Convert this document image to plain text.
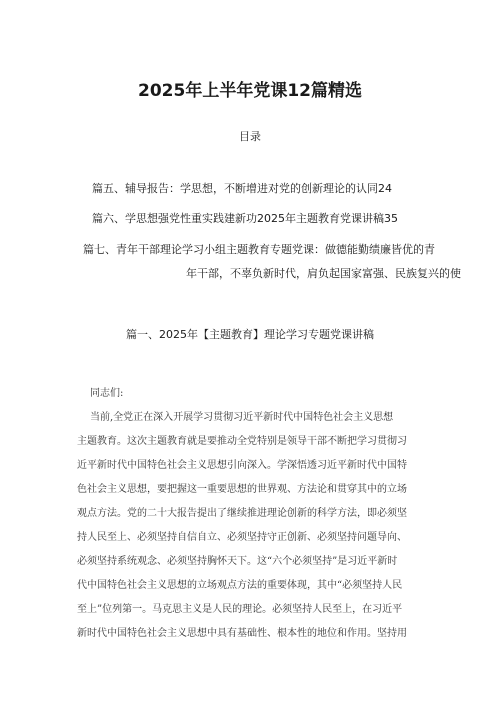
2025年上半年党课12篇精选
目录
篇五、辅导报告：学思想，不断增进对党的创新理论的认同24
篇六、学思想强党性重实践建新功2025年主题教育党课讲稿35
篇七、青年干部理论学习小组主题教育专题党课：做德能勤绩廉皆优的青
年干部，不辜负新时代，肩负起国家富强、民族复兴的使
篇一、2025年【主题教育】理论学习专题党课讲稿
同志们:
当前,全党正在深入开展学习贯彻习近平新时代中国特色社会主义思想
主题教育。这次主题教育就是要推动全党特别是领导干部不断把学习贯彻习
近平新时代中国特色社会主义思想引向深入。学深悟透习近平新时代中国特
色社会主义思想，要把握这一重要思想的世界观、方法论和贯穿其中的立场
观点方法。党的二十大报告提出了继续推进理论创新的科学方法，即必须坚
持人民至上、必须坚持自信自立、必须坚持守正创新、必须坚持问题导向、
必须坚持系统观念、必须坚持胸怀天下。这“六个必须坚持”是习近平新时
代中国特色社会主义思想的立场观点方法的重要体现，其中“必须坚持人民
至上”位列第一。马克思主义是人民的理论。必须坚持人民至上，在习近平
新时代中国特色社会主义思想中具有基础性、根本性的地位和作用。坚持用
